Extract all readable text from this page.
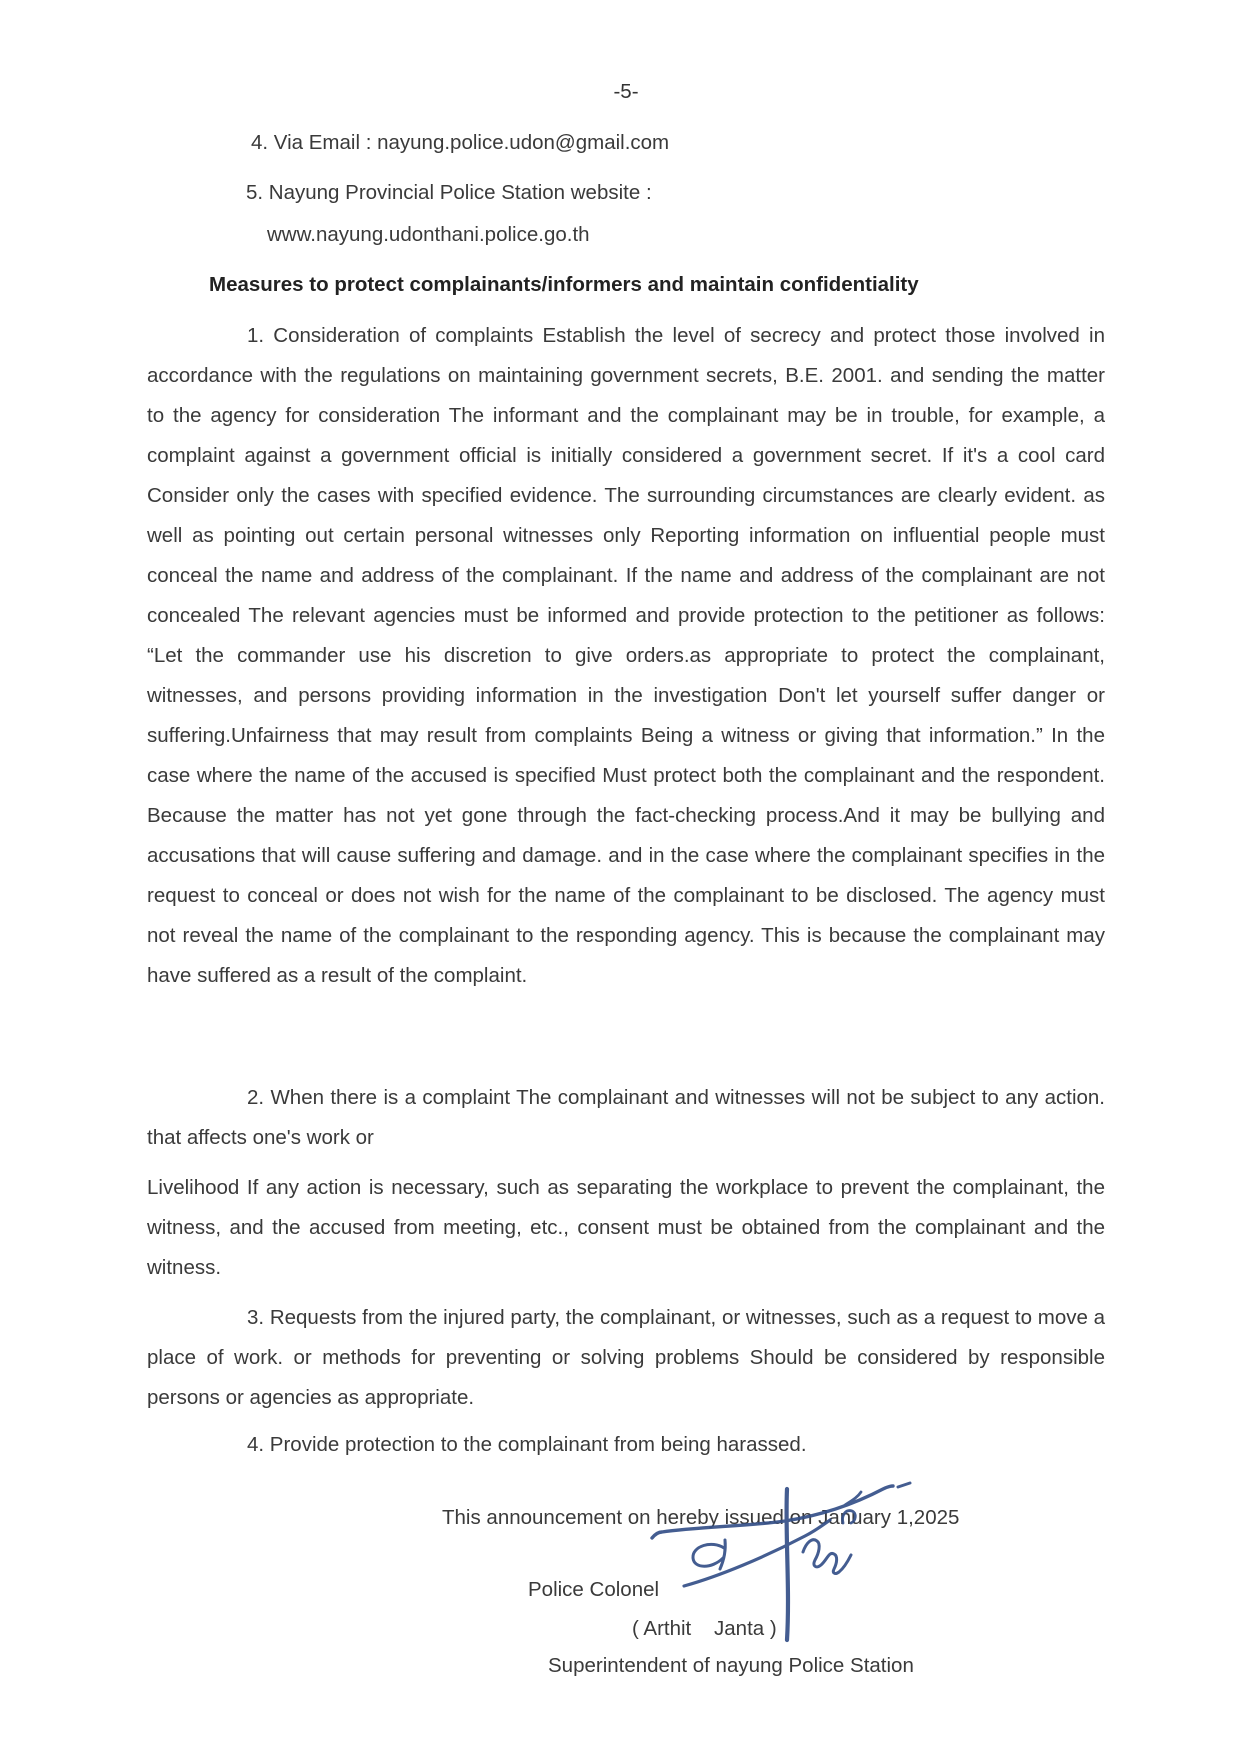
-5-
4. Via Email : nayung.police.udon@gmail.com
5. Nayung Provincial Police Station website :
www.nayung.udonthani.police.go.th
Measures to protect complainants/informers and maintain confidentiality
1. Consideration of complaints Establish the level of secrecy and protect those involved in accordance with the regulations on maintaining government secrets, B.E. 2001. and sending the matter to the agency for consideration The informant and the complainant may be in trouble, for example, a complaint against a government official is initially considered a government secret. If it's a cool card Consider only the cases with specified evidence. The surrounding circumstances are clearly evident. as well as pointing out certain personal witnesses only Reporting information on influential people must conceal the name and address of the complainant. If the name and address of the complainant are not concealed The relevant agencies must be informed and provide protection to the petitioner as follows: “Let the commander use his discretion to give orders.as appropriate to protect the complainant, witnesses, and persons providing information in the investigation Don't let yourself suffer danger or suffering.Unfairness that may result from complaints Being a witness or giving that information.” In the case where the name of the accused is specified Must protect both the complainant and the respondent. Because the matter has not yet gone through the fact-checking process.And it may be bullying and accusations that will cause suffering and damage. and in the case where the complainant specifies in the request to conceal or does not wish for the name of the complainant to be disclosed. The agency must not reveal the name of the complainant to the responding agency. This is because the complainant may have suffered as a result of the complaint.
2. When there is a complaint The complainant and witnesses will not be subject to any action. that affects one's work or
Livelihood If any action is necessary, such as separating the workplace to prevent the complainant, the witness, and the accused from meeting, etc., consent must be obtained from the complainant and the witness.
3. Requests from the injured party, the complainant, or witnesses, such as a request to move a place of work. or methods for preventing or solving problems Should be considered by responsible persons or agencies as appropriate.
4. Provide protection to the complainant from being harassed.
This announcement on hereby issued on January 1,2025
Police Colonel
( Arthit    Janta )
Superintendent of nayung Police Station
